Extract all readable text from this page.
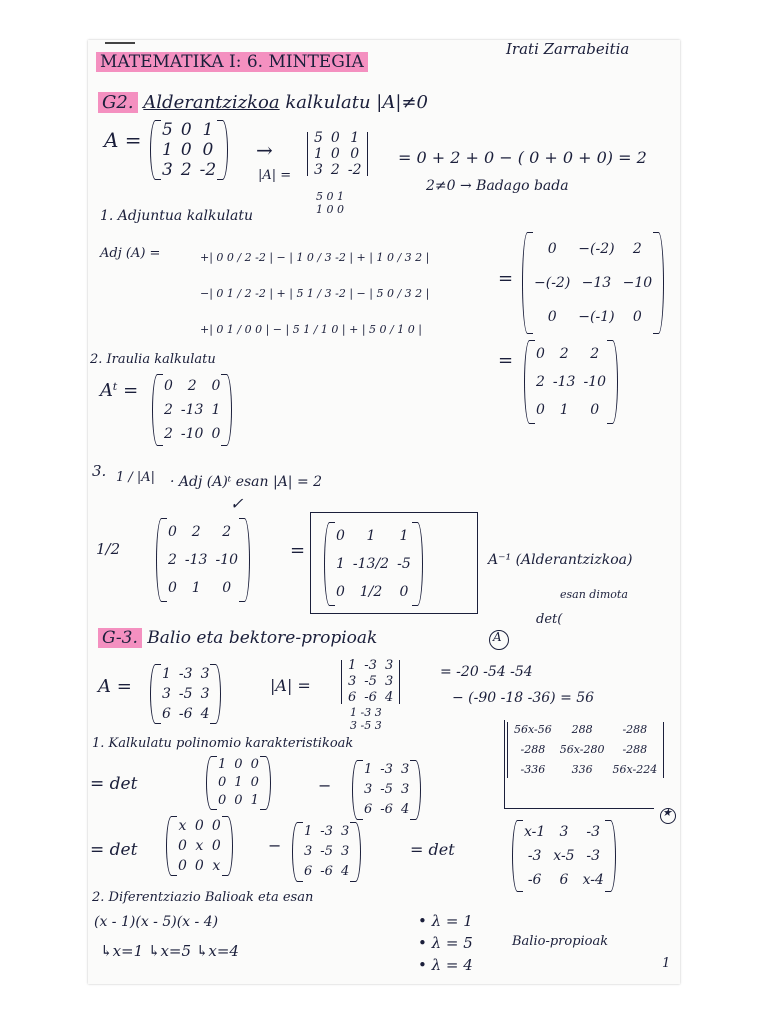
MATEMATIKA I: 6. MINTEGIA
Irati Zarrabeitia
G2. Alderantzizkoa kalkulatu |A|≠0
A = 5	0	1
1	0	0
3	2	-2
→
|A| =
5	0	1
1	0	0
3	2	-2
5 0 1
1 0 0
= 0 + 2 + 0 − ( 0 + 0 + 0) = 2
2≠0 → Badago bada
1. Adjuntua kalkulatu
Adj (A) =	+| 0 0 / 2 -2 | − | 1 0 / 3 -2 | + | 1 0 / 3 2 |
−| 0 1 / 2 -2 | + | 5 1 / 3 -2 | − | 5 0 / 3 2 |
+| 0 1 / 0 0 | − | 5 1 / 1 0 | + | 5 0 / 1 0 |
=
0	−(-2)	2
−(-2)	−13	−10
0	−(-1)	0
2. Iraulia kalkulatu	= 0	2	2
2	-13	-10
0	1	0
Aᵗ = 0	2	0
2	-13	1
2	-10	0
3. 1 / |A| · Adj (A)ᵗ esan |A| = 2
✓
1/2
0	2	2
2	-13	-10
0	1	0
=
0	1	1
1	-13/2	-5
0	1/2	0
A⁻¹ (Alderantzizkoa)
G-3. Balio eta bektore-propioak	A
esan dimota
det(
A =
1	-3	3
3	-5	3
6	-6	4
|A| =
1	-3	3
3	-5	3
6	-6	4
1 -3 3
3 -5 3
= -20 -54 -54
− (-90 -18 -36) = 56
56x-56	288	-288
-288	56x-280	-288
-336	336	56x-224
1. Kalkulatu polinomio karakteristikoak
= det
1	0	0
0	1	0
0	0	1
−
1	-3	3
3	-5	3
6	-6	4
= det
x	0	0
0	x	0
0	0	x
−
1	-3	3
3	-5	3
6	-6	4
= det
x-1	3	-3
-3	x-5	-3
-6	6	x-4
★
2. Diferentziazio Balioak eta esan
(x - 1)(x - 5)(x - 4)
↳x=1 ↳x=5 ↳x=4
• λ = 1
• λ = 5
• λ = 4
Balio-propioak
1
